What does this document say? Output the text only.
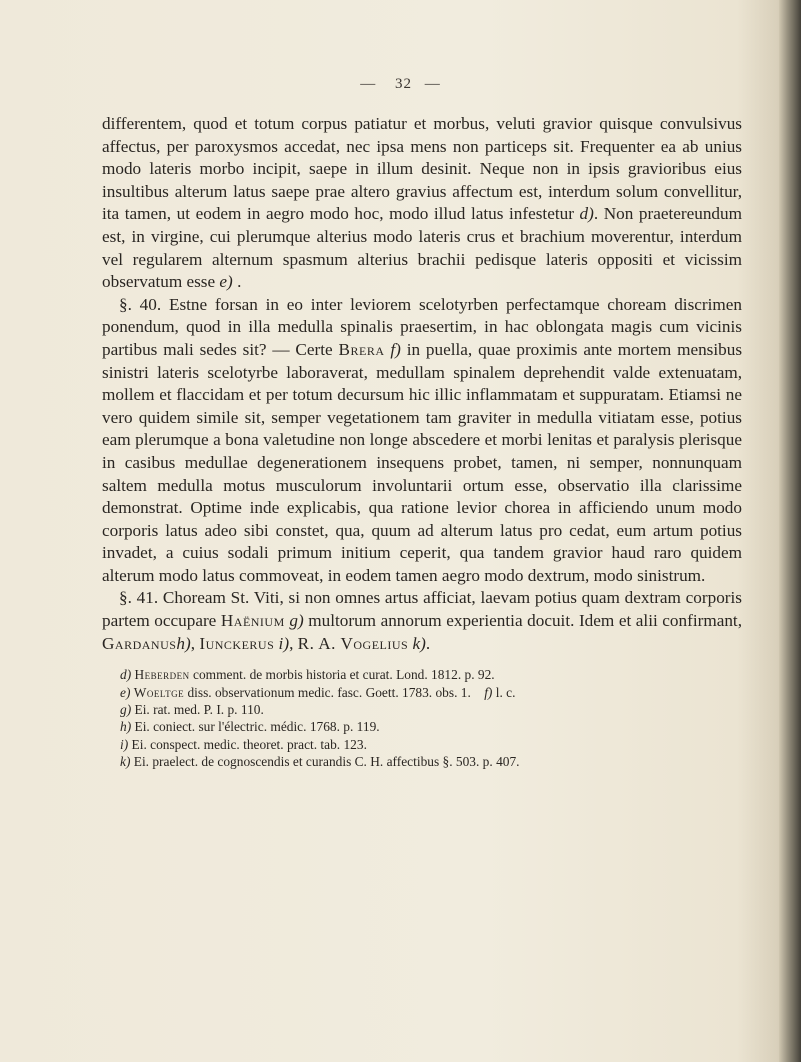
— 32 —

differentem, quod et totum corpus patiatur et morbus, veluti gravior quisque convulsivus affectus, per paroxysmos accedat, nec ipsa mens non particeps sit. Frequenter ea ab unius modo lateris morbo incipit, saepe in illum desinit. Neque non in ipsis gravioribus eius insultibus alterum latus saepe prae altero gravius affectum est, interdum solum convellitur, ita tamen, ut eodem in aegro modo hoc, modo illud latus infestetur d). Non praetereundum est, in virgine, cui plerumque alterius modo lateris crus et brachium moverentur, interdum vel regularem alternum spasmum alterius brachii pedisque lateris oppositi et vicissim observatum esse e) .

§. 40. Estne forsan in eo inter leviorem scelotyrben perfectamque choream discrimen ponendum, quod in illa medulla spinalis praesertim, in hac oblongata magis cum vicinis partibus mali sedes sit? — Certe Brera f) in puella, quae proximis ante mortem mensibus sinistri lateris scelotyrbe laboraverat, medullam spinalem deprehendit valde extenuatam, mollem et flaccidam et per totum decursum hic illic inflammatam et suppuratam. Etiamsi ne vero quidem simile sit, semper vegetationem tam graviter in medulla vitiatam esse, potius eam plerumque a bona valetudine non longe abscedere et morbi lenitas et paralysis plerisque in casibus medullae degenerationem insequens probet, tamen, ni semper, nonnunquam saltem medulla motus musculorum involuntarii ortum esse, observatio illa clarissime demonstrat. Optime inde explicabis, qua ratione levior chorea in afficiendo unum modo corporis latus adeo sibi constet, qua, quum ad alterum latus pro cedat, eum artum potius invadet, a cuius sodali primum initium ceperit, qua tandem gravior haud raro quidem alterum modo latus commoveat, in eodem tamen aegro modo dextrum, modo sinistrum.

§. 41. Choream St. Viti, si non omnes artus afficiat, laevam potius quam dextram corporis partem occupare Haënium g) multorum annorum experientia docuit. Idem et alii confirmant, Gardanush), Iunckerus i), R. A. Vogelius k).

d) Heberden comment. de morbis historia et curat. Lond. 1812. p. 92.
e) Woeltge diss. observationum medic. fasc. Goett. 1783. obs. 1. f) l. c.
g) Ei. rat. med. P. I. p. 110.
h) Ei. coniect. sur l'électric. médic. 1768. p. 119.
i) Ei. conspect. medic. theoret. pract. tab. 123.
k) Ei. praelect. de cognoscendis et curandis C. H. affectibus §. 503. p. 407.
